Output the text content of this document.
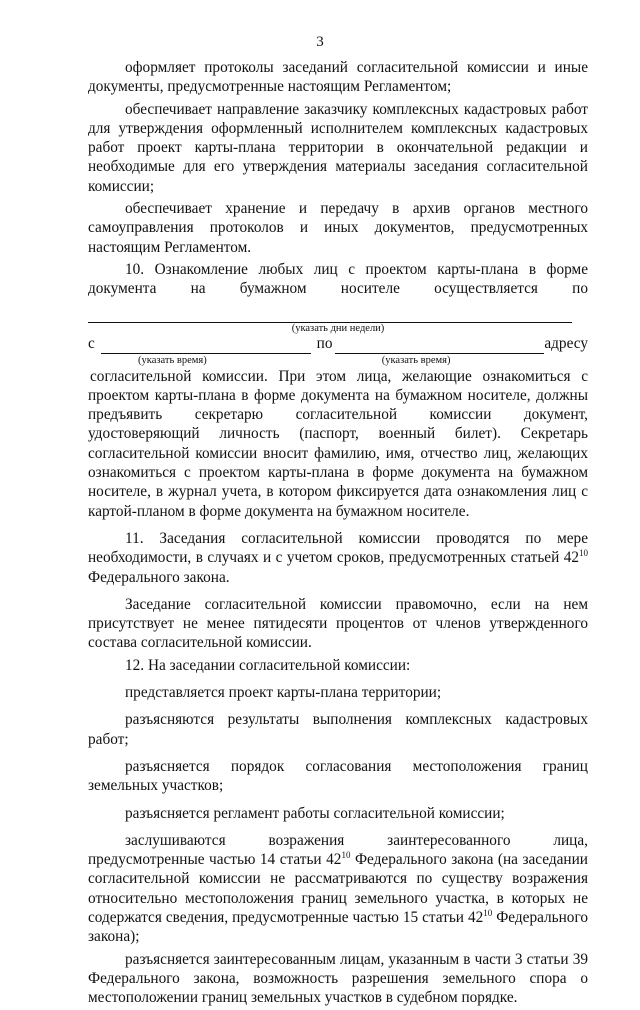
3

оформляет протоколы заседаний согласительной комиссии и иные документы, предусмотренные настоящим Регламентом;

обеспечивает направление заказчику комплексных кадастровых работ для утверждения оформленный исполнителем комплексных кадастровых работ проект карты-плана территории в окончательной редакции и необходимые для его утверждения материалы заседания согласительной комиссии;

обеспечивает хранение и передачу в архив органов местного самоуправления протоколов и иных документов, предусмотренных настоящим Регламентом.

10. Ознакомление любых лиц с проектом карты-плана в форме документа на бумажном носителе осуществляется по

(указать дни недели)
с	по	адресу
(указать время)	(указать время)

согласительной комиссии. При этом лица, желающие ознакомиться с проектом карты-плана в форме документа на бумажном носителе, должны предъявить секретарю согласительной комиссии документ, удостоверяющий личность (паспорт, военный билет). Секретарь согласительной комиссии вносит фамилию, имя, отчество лиц, желающих ознакомиться с проектом карты-плана в форме документа на бумажном носителе, в журнал учета, в котором фиксируется дата ознакомления лиц с картой-планом в форме документа на бумажном носителе.

11. Заседания согласительной комиссии проводятся по мере необходимости, в случаях и с учетом сроков, предусмотренных статьей $42^{10}$ Федерального закона.

Заседание согласительной комиссии правомочно, если на нем присутствует не менее пятидесяти процентов от членов утвержденного состава согласительной комиссии.

12. На заседании согласительной комиссии:

представляется проект карты-плана территории;

разъясняются результаты выполнения комплексных кадастровых работ;

разъясняется порядок согласования местоположения границ земельных участков;

разъясняется регламент работы согласительной комиссии;

заслушиваются возражения заинтересованного лица, предусмотренные частью 14 статьи $42^{10}$ Федерального закона (на заседании согласительной комиссии не рассматриваются по существу возражения относительно местоположения границ земельного участка, в которых не содержатся сведения, предусмотренные частью 15 статьи $42^{10}$ Федерального закона);

разъясняется заинтересованным лицам, указанным в части 3 статьи 39 Федерального закона, возможность разрешения земельного спора о местоположении границ земельных участков в судебном порядке.
